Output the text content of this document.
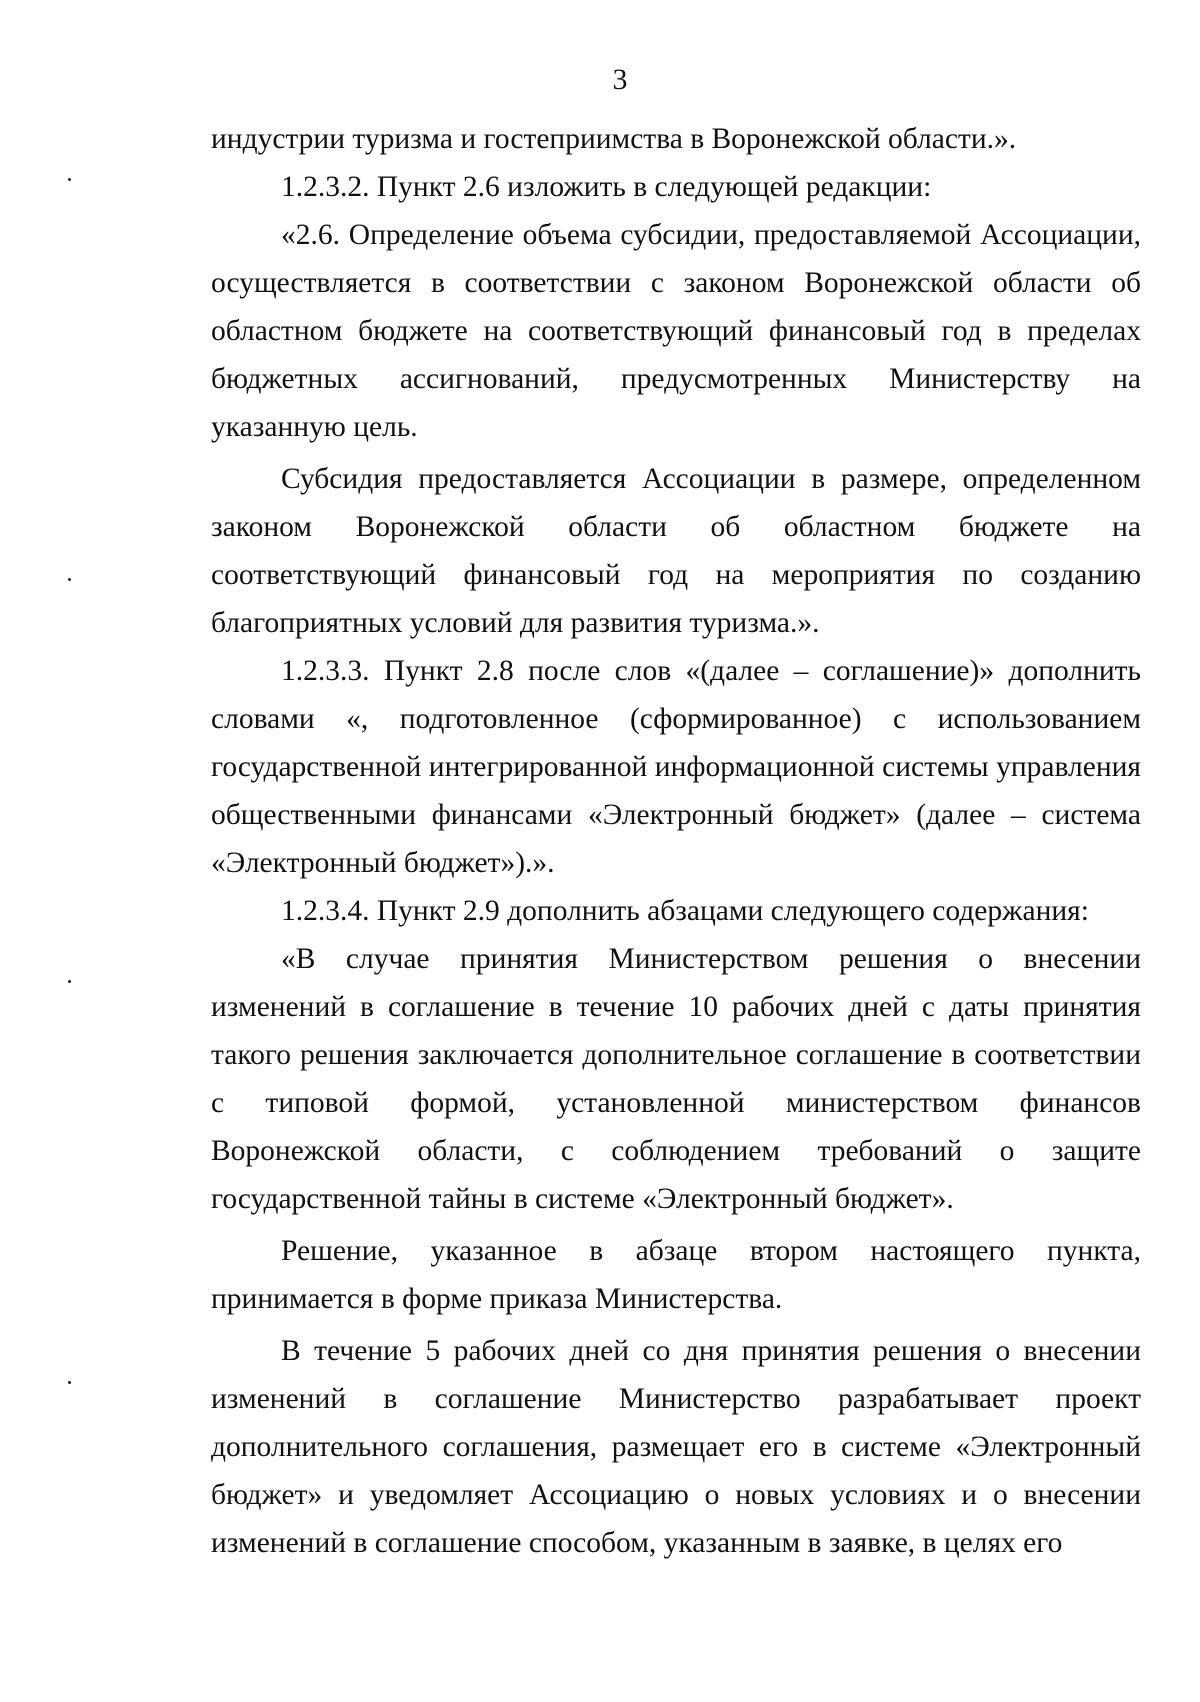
3

индустрии туризма и гостеприимства в Воронежской области.».

1.2.3.2. Пункт 2.6 изложить в следующей редакции:

«2.6. Определение объема субсидии, предоставляемой Ассоциации, осуществляется в соответствии с законом Воронежской области об областном бюджете на соответствующий финансовый год в пределах бюджетных ассигнований, предусмотренных Министерству на указанную цель.

Субсидия предоставляется Ассоциации в размере, определенном законом Воронежской области об областном бюджете на соответствующий финансовый год на мероприятия по созданию благоприятных условий для развития туризма.».

1.2.3.3. Пункт 2.8 после слов «(далее – соглашение)» дополнить словами «, подготовленное (сформированное) с использованием государственной интегрированной информационной системы управления общественными финансами «Электронный бюджет» (далее – система «Электронный бюджет»).».

1.2.3.4. Пункт 2.9 дополнить абзацами следующего содержания:

«В случае принятия Министерством решения о внесении изменений в соглашение в течение 10 рабочих дней с даты принятия такого решения заключается дополнительное соглашение в соответствии с типовой формой, установленной министерством финансов Воронежской области, с соблюдением требований о защите государственной тайны в системе «Электронный бюджет».

Решение, указанное в абзаце втором настоящего пункта, принимается в форме приказа Министерства.

В течение 5 рабочих дней со дня принятия решения о внесении изменений в соглашение Министерство разрабатывает проект дополнительного соглашения, размещает его в системе «Электронный бюджет» и уведомляет Ассоциацию о новых условиях и о внесении изменений в соглашение способом, указанным в заявке, в целях его
